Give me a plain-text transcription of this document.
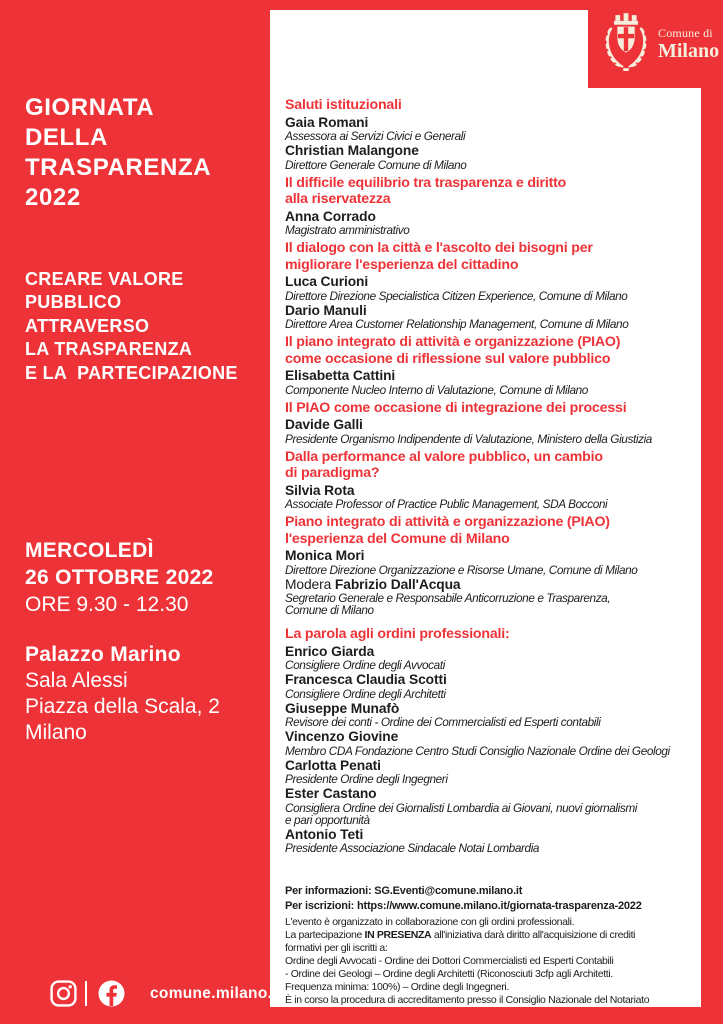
Saluti istituzionali
Gaia Romani
Assessora ai Servizi Civici e Generali
Christian Malangone
Direttore Generale Comune di Milano
Il difficile equilibrio tra trasparenza e diritto
alla riservatezza
Anna Corrado
Magistrato amministrativo
Il dialogo con la città e l'ascolto dei bisogni per
migliorare l'esperienza del cittadino
Luca Curioni
Direttore Direzione Specialistica Citizen Experience, Comune di Milano
Dario Manuli
Direttore Area Customer Relationship Management, Comune di Milano
Il piano integrato di attività e organizzazione (PIAO)
come occasione di riflessione sul valore pubblico
Elisabetta Cattini
Componente Nucleo Interno di Valutazione, Comune di Milano
Il PIAO come occasione di integrazione dei processi
Davide Galli
Presidente Organismo Indipendente di Valutazione, Ministero della Giustizia
Dalla performance al valore pubblico, un cambio
di paradigma?
Silvia Rota
Associate Professor of Practice Public Management, SDA Bocconi
Piano integrato di attività e organizzazione (PIAO)
l'esperienza del Comune di Milano
Monica Mori
Direttore Direzione Organizzazione e Risorse Umane, Comune di Milano
Modera Fabrizio Dall'Acqua
Segretario Generale e Responsabile Anticorruzione e Trasparenza,
Comune di Milano
La parola agli ordini professionali:
Enrico Giarda
Consigliere Ordine degli Avvocati
Francesca Claudia Scotti
Consigliere Ordine degli Architetti
Giuseppe Munafò
Revisore dei conti - Ordine dei Commercialisti ed Esperti contabili
Vincenzo Giovine
Membro CDA Fondazione Centro Studi Consiglio Nazionale Ordine dei Geologi
Carlotta Penati
Presidente Ordine degli Ingegneri
Ester Castano
Consigliera Ordine dei Giornalisti Lombardia ai Giovani, nuovi giornalismi
e pari opportunità
Antonio Teti
Presidente Associazione Sindacale Notai Lombardia
Per informazioni: SG.Eventi@comune.milano.it
Per iscrizioni: https://www.comune.milano.it/giornata-trasparenza-2022
L'evento è organizzato in collaborazione con gli ordini professionali.
La partecipazione IN PRESENZA all'iniziativa darà diritto all'acquisizione di crediti
formativi per gli iscritti a:
Ordine degli Avvocati - Ordine dei Dottori Commercialisti ed Esperti Contabili
- Ordine dei Geologi – Ordine degli Architetti (Riconosciuti 3cfp agli Architetti.
Frequenza minima: 100%) – Ordine degli Ingegneri.
È in corso la procedura di accreditamento presso il Consiglio Nazionale del Notariato
Comune di
Milano
GIORNATA
DELLA
TRASPARENZA
2022
CREARE VALORE
PUBBLICO
ATTRAVERSO
LA TRASPARENZA
E LA  PARTECIPAZIONE
MERCOLEDÌ
26 OTTOBRE 2022
ORE 9.30 - 12.30
Palazzo Marino
Sala Alessi
Piazza della Scala, 2
Milano
comune.milano.it
